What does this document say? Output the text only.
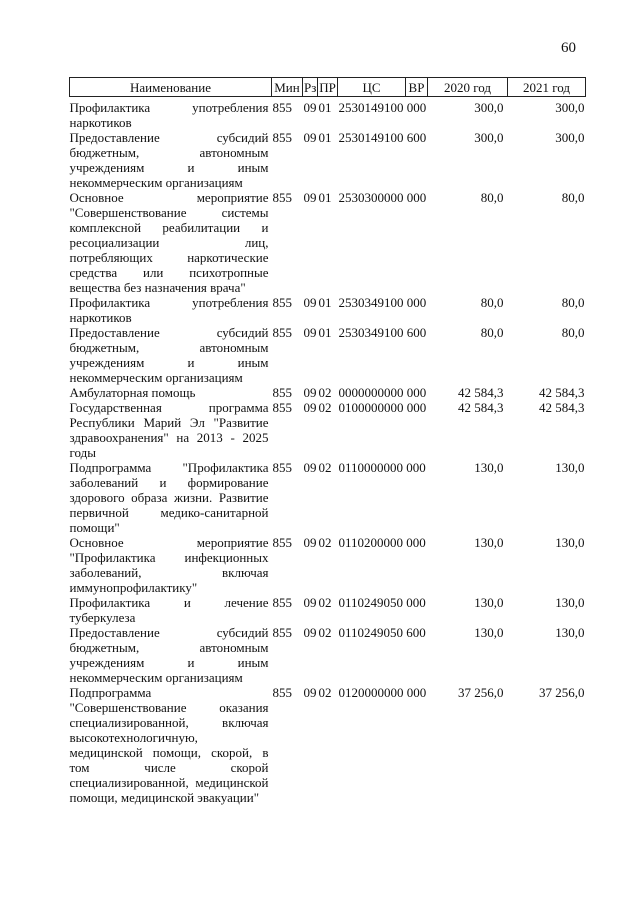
60
Наименование	Мин	Рз	ПР	ЦС	ВР	2020 год	2021 год
Профилактика употребления наркотиков	855	09	01	2530149100 000		300,0	300,0
Предоставление субсидий бюджетным, автономным учреждениям и иным некоммерческим организациям	855	09	01	2530149100 600		300,0	300,0
Основное мероприятие "Совершенствование системы комплексной реабилитации и ресоциализации лиц, потребляющих наркотические средства или психотропные вещества без назначения врача"	855	09	01	2530300000 000		80,0	80,0
Профилактика употребления наркотиков	855	09	01	2530349100 000		80,0	80,0
Предоставление субсидий бюджетным, автономным учреждениям и иным некоммерческим организациям	855	09	01	2530349100 600		80,0	80,0
Амбулаторная помощь	855	09	02	0000000000 000		42 584,3	42 584,3
Государственная программа Республики Марий Эл "Развитие здравоохранения" на 2013 - 2025 годы	855	09	02	0100000000 000		42 584,3	42 584,3
Подпрограмма "Профилактика заболеваний и формирование здорового образа жизни. Развитие первичной медико-санитарной помощи"	855	09	02	0110000000 000		130,0	130,0
Основное мероприятие "Профилактика инфекционных заболеваний, включая иммунопрофилактику"	855	09	02	0110200000 000		130,0	130,0
Профилактика и лечение туберкулеза	855	09	02	0110249050 000		130,0	130,0
Предоставление субсидий бюджетным, автономным учреждениям и иным некоммерческим организациям	855	09	02	0110249050 600		130,0	130,0
Подпрограмма "Совершенствование оказания специализированной, включая высокотехнологичную, медицинской помощи, скорой, в том числе скорой специализированной, медицинской помощи, медицинской эвакуации"	855	09	02	0120000000 000		37 256,0	37 256,0
